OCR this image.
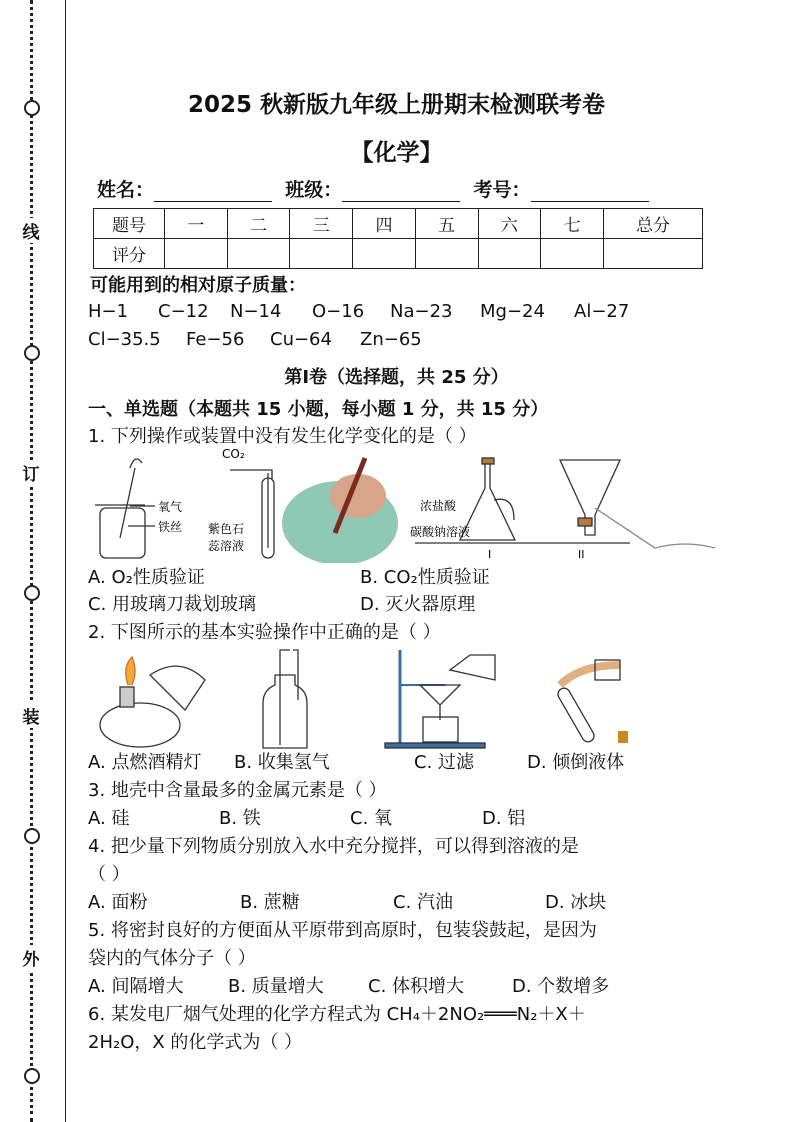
线
订
装
外
2025 秋新版九年级上册期末检测联考卷
【化学】
姓名：	班级：	考号：
题号	一	二	三	四	五	六	七	总分
评分								
可能用到的相对原子质量：
H−1 C−12 N−14 O−16 Na−23 Mg−24 Al−27
Cl−35.5 Fe−56 Cu−64 Zn−65
第Ⅰ卷（选择题，共 25 分）
一、单选题（本题共 15 小题，每小题 1 分，共 15 分）
1. 下列操作或装置中没有发生化学变化的是（ ）
氧气
铁丝
CO₂
紫色石
蕊溶液
浓盐酸
碳酸钠溶液
I	II
A. O₂性质验证	B. CO₂性质验证
C. 用玻璃刀裁划玻璃	D. 灭火器原理
2. 下图所示的基本实验操作中正确的是（ ）
A. 点燃酒精灯 B. 收集氢气	C. 过滤	D. 倾倒液体
3. 地壳中含量最多的金属元素是（ ）
A. 硅	B. 铁	C. 氧	D. 铝
4. 把少量下列物质分别放入水中充分搅拌，可以得到溶液的是
（ ）
A. 面粉	B. 蔗糖	C. 汽油	D. 冰块
5. 将密封良好的方便面从平原带到高原时，包装袋鼓起，是因为
袋内的气体分子（ ）
A. 间隔增大 B. 质量增大 C. 体积增大	D. 个数增多
6. 某发电厂烟气处理的化学方程式为 CH₄＋2NO₂═══N₂＋X＋
2H₂O，X 的化学式为（ ）
